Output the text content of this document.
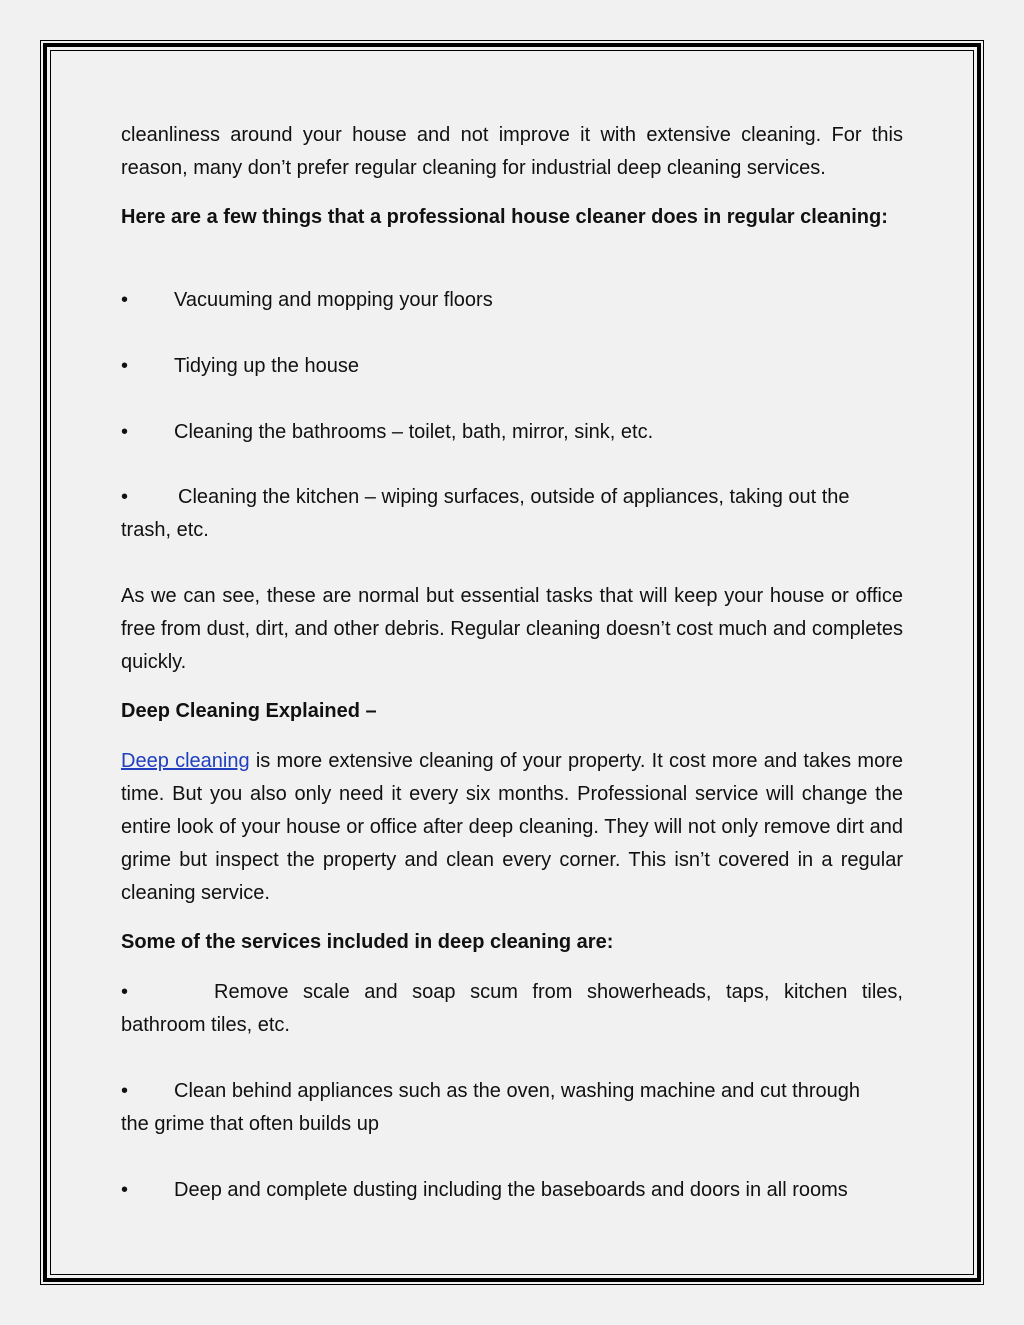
cleanliness around your house and not improve it with extensive cleaning. For this reason, many don’t prefer regular cleaning for industrial deep cleaning services.

Here are a few things that a professional house cleaner does in regular cleaning:

• Vacuuming and mopping your floors
• Tidying up the house
• Cleaning the bathrooms – toilet, bath, mirror, sink, etc.
•	Cleaning the kitchen – wiping surfaces, outside of appliances, taking out the
trash, etc.

As we can see, these are normal but essential tasks that will keep your house or office free from dust, dirt, and other debris. Regular cleaning doesn’t cost much and completes quickly.

Deep Cleaning Explained –

Deep cleaning is more extensive cleaning of your property. It cost more and takes more time. But you also only need it every six months. Professional service will change the entire look of your house or office after deep cleaning. They will not only remove dirt and grime but inspect the property and clean every corner. This isn’t covered in a regular cleaning service.

Some of the services included in deep cleaning are:

•	Remove scale and soap scum from showerheads, taps, kitchen tiles,
bathroom tiles, etc.
•	Clean behind appliances such as the oven, washing machine and cut through
the grime that often builds up
• Deep and complete dusting including the baseboards and doors in all rooms
